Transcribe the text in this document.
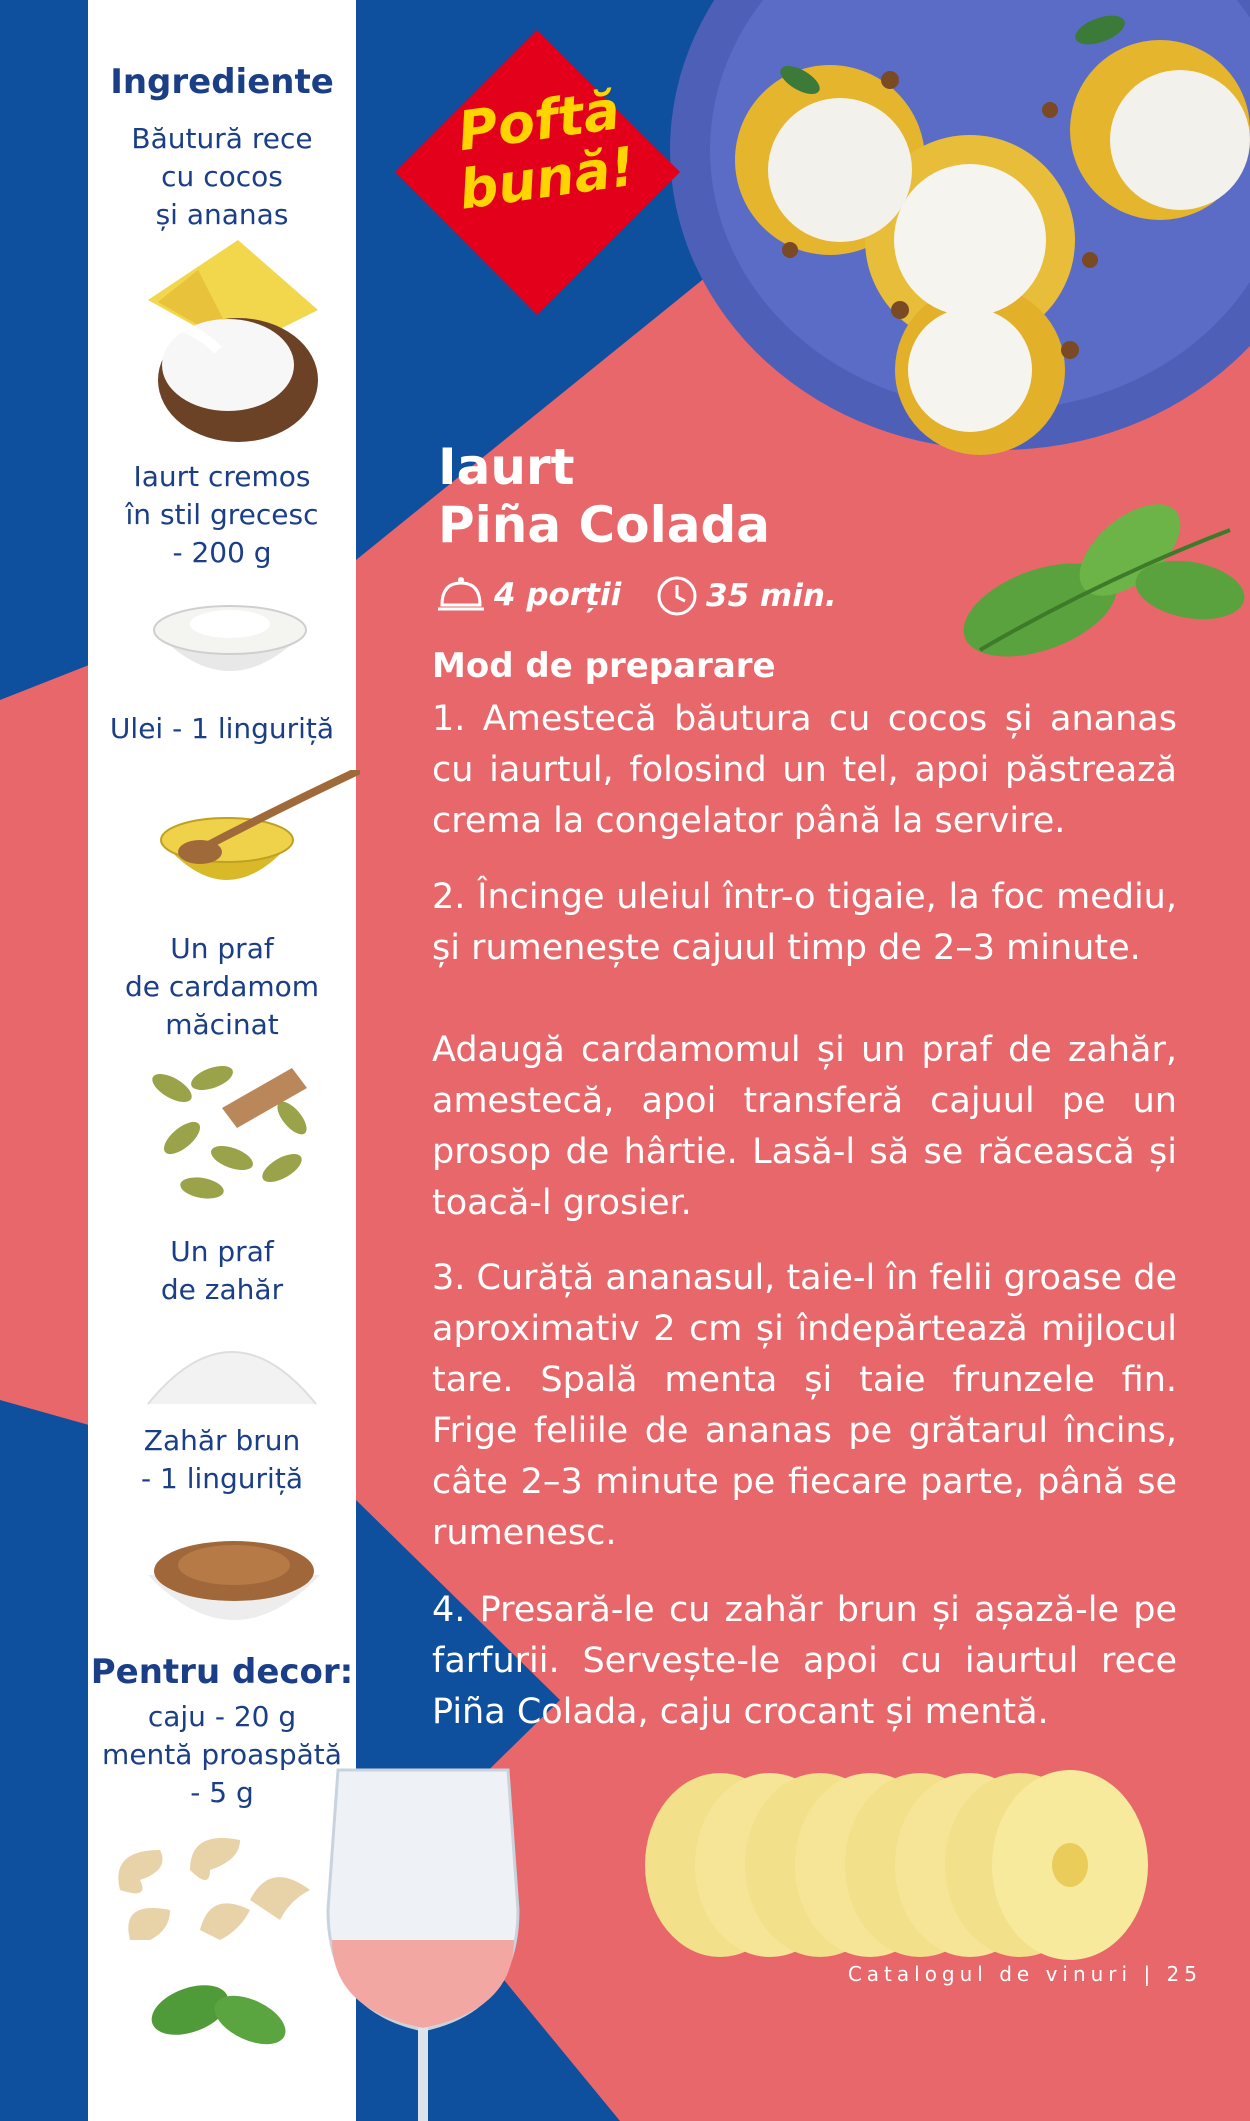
Ingrediente
Băutură rece
cu cocos
și ananas
Iaurt cremos
în stil grecesc
- 200 g
Ulei - 1 linguriță
Un praf
de cardamom
măcinat
Un praf
de zahăr
Zahăr brun
- 1 linguriță
Pentru decor:
caju - 20 g
mentă proaspătă
- 5 g
Poftă
bună!
Iaurt
Piña Colada
4 porții	35 min.
Mod de preparare
1. Amestecă băutura cu cocos și ananas cu iaurtul, folosind un tel, apoi păstrează crema la congelator până la servire.
2. Încinge uleiul într-o tigaie, la foc mediu, și rumenește cajuul timp de 2–3 minute.
Adaugă cardamomul și un praf de zahăr, amestecă, apoi transferă cajuul pe un prosop de hârtie. Lasă-l să se răcească și toacă-l grosier.
3. Curăță ananasul, taie-l în felii groase de aproximativ 2 cm și îndepărtează mijlocul tare. Spală menta și taie frunzele fin. Frige feliile de ananas pe grătarul încins, câte 2–3 minute pe fiecare parte, până se rumenesc.
4. Presară-le cu zahăr brun și așază-le pe farfurii. Servește-le apoi cu iaurtul rece Piña Colada, caju crocant și mentă.
Catalogul de vinuri | 25
